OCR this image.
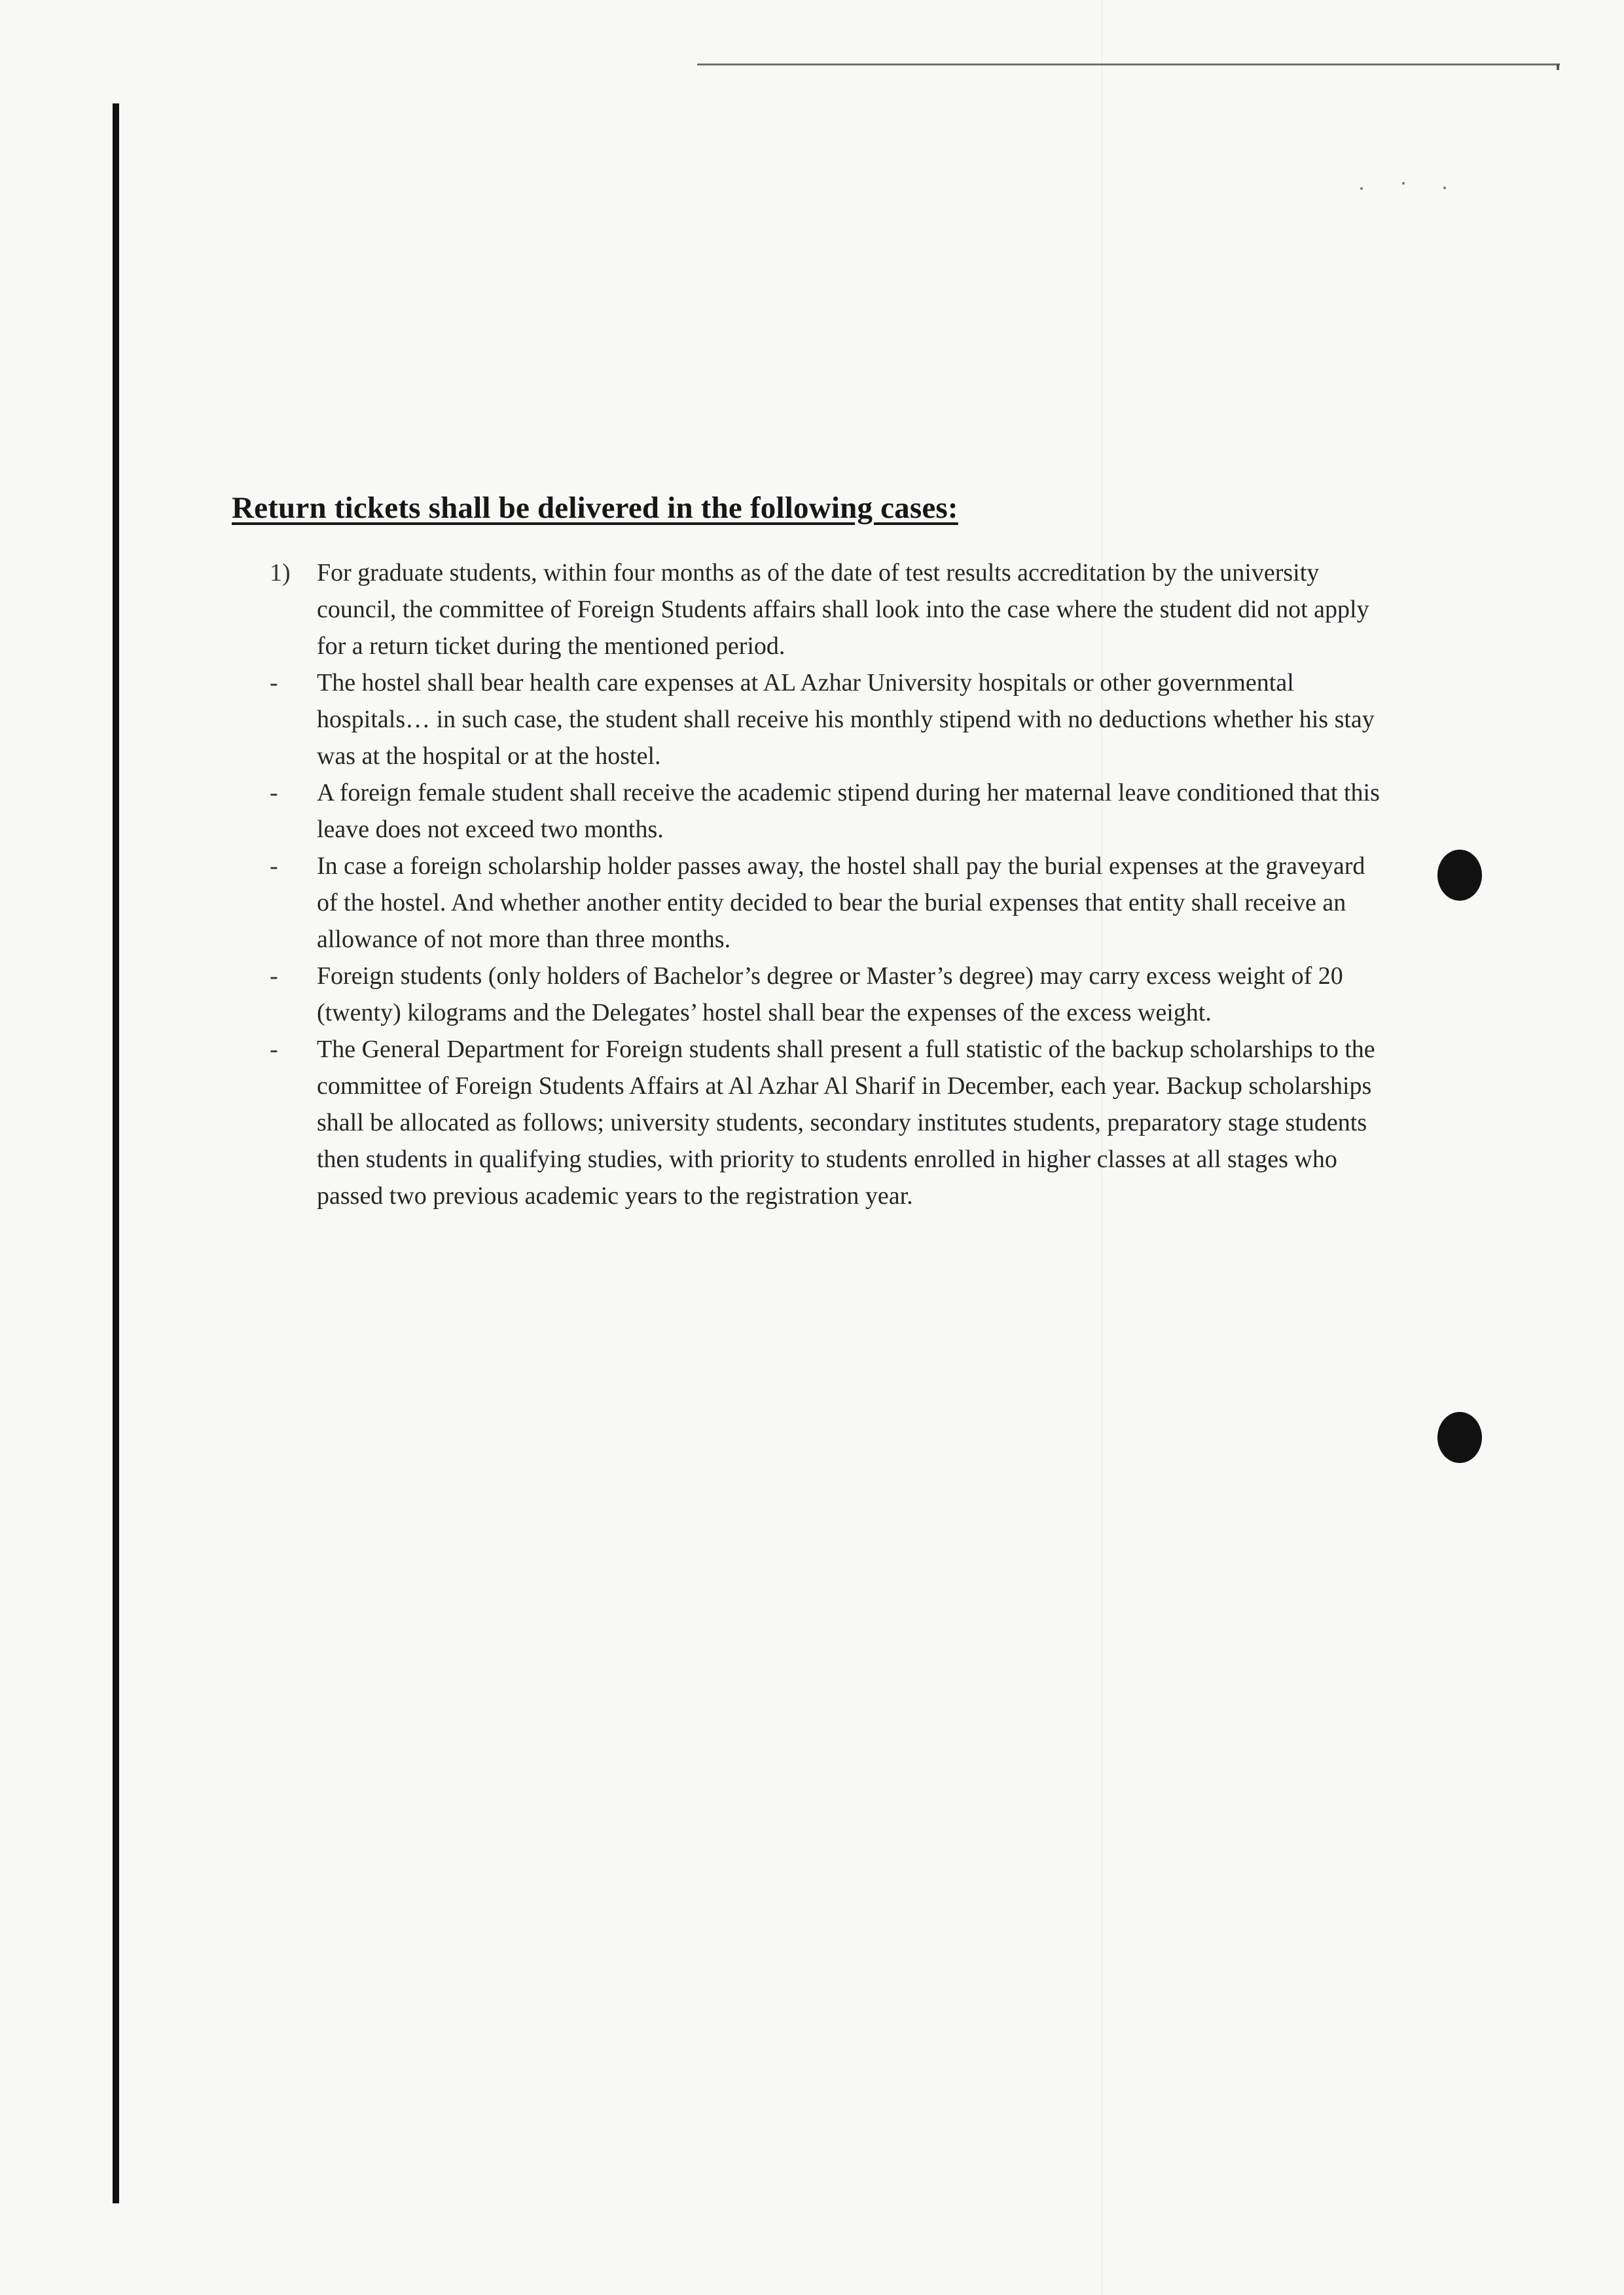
Return tickets shall be delivered in the following cases:
1)	For graduate students, within four months as of the date of test results accreditation by the university council, the committee of Foreign Students affairs shall look into the case where the student did not apply for a return ticket during the mentioned period.
-	The hostel shall bear health care expenses at AL Azhar University hospitals or other governmental hospitals… in such case, the student shall receive his monthly stipend with no deductions whether his stay was at the hospital or at the hostel.
-	A foreign female student shall receive the academic stipend during her maternal leave conditioned that this leave does not exceed two months.
-	In case a foreign scholarship holder passes away, the hostel shall pay the burial expenses at the graveyard of the hostel. And whether another entity decided to bear the burial expenses that entity shall receive an allowance of not more than three months.
-	Foreign students (only holders of Bachelor’s degree or Master’s degree) may carry excess weight of 20 (twenty) kilograms and the Delegates’ hostel shall bear the expenses of the excess weight.
-	The General Department for Foreign students shall present a full statistic of the backup scholarships to the committee of Foreign Students Affairs at Al Azhar Al Sharif in December, each year. Backup scholarships shall be allocated as follows; university students, secondary institutes students, preparatory stage students then students in qualifying studies, with priority to students enrolled in higher classes at all stages who passed two previous academic years to the registration year.
